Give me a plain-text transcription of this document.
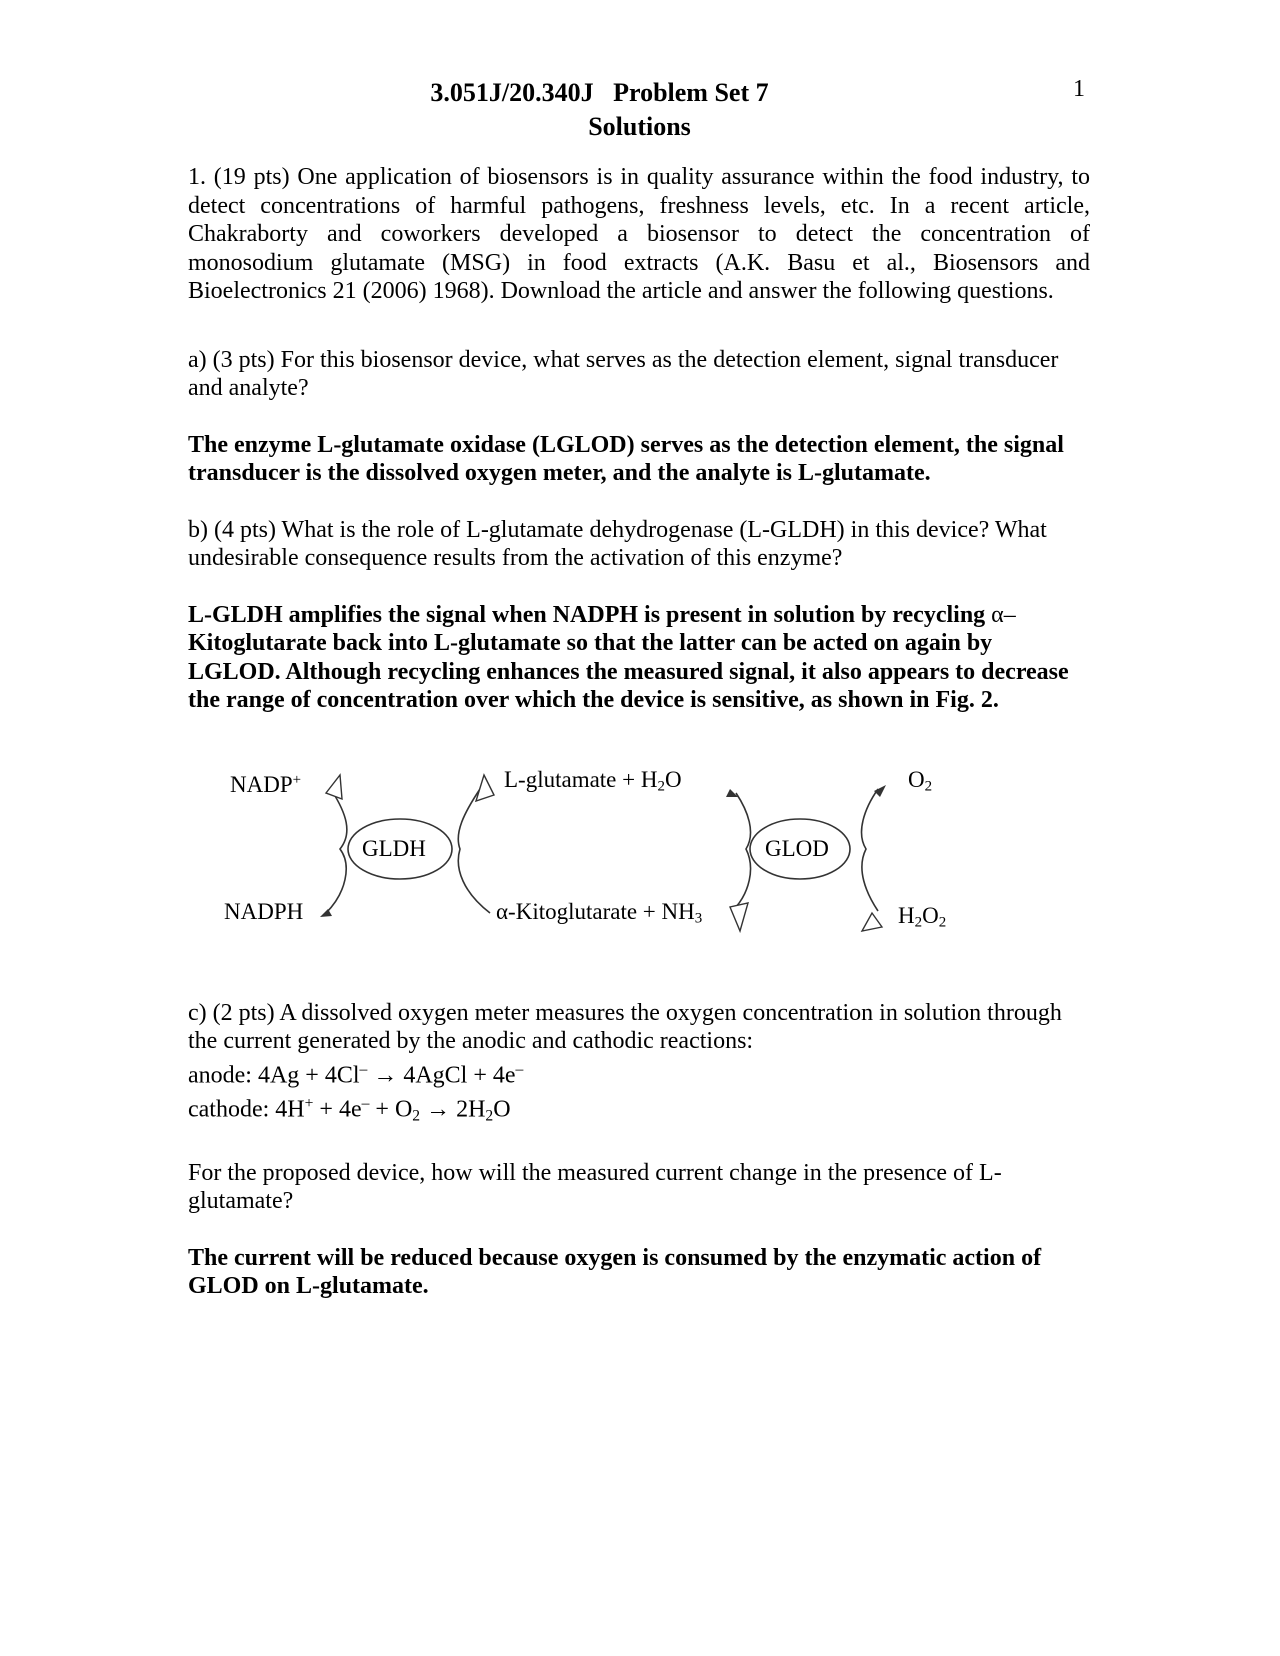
1
3.051J/20.340J   Problem Set 7
Solutions

1. (19 pts) One application of biosensors is in quality assurance within the food industry, to detect concentrations of harmful pathogens, freshness levels, etc. In a recent article, Chakraborty and coworkers developed a biosensor to detect the concentration of monosodium glutamate (MSG) in food extracts (A.K. Basu et al., Biosensors and Bioelectronics 21 (2006) 1968). Download the article and answer the following questions.

a) (3 pts) For this biosensor device, what serves as the detection element, signal transducer and analyte?

The enzyme L-glutamate oxidase (LGLOD) serves as the detection element, the signal transducer is the dissolved oxygen meter, and the analyte is L-glutamate.

b) (4 pts) What is the role of L-glutamate dehydrogenase (L-GLDH) in this device? What undesirable consequence results from the activation of this enzyme?

L-GLDH amplifies the signal when NADPH is present in solution by recycling α–Kitoglutarate back into L-glutamate so that the latter can be acted on again by LGLOD. Although recycling enhances the measured signal, it also appears to decrease the range of concentration over which the device is sensitive, as shown in Fig. 2.

NADP+
NADPH
GLDH	GLOD
L-glutamate + $H_2O$
α-Kitoglutarate + $NH_3$
$O_2$
$H_2O_2$

c) (2 pts) A dissolved oxygen meter measures the oxygen concentration in solution through the current generated by the anodic and cathodic reactions:

anode: 4Ag + 4Cl– → 4AgCl + 4e–

cathode: $4H^+ + 4e^- + O_2 \to 2H_2O$

For the proposed device, how will the measured current change in the presence of L-glutamate?

The current will be reduced because oxygen is consumed by the enzymatic action of GLOD on L-glutamate.
